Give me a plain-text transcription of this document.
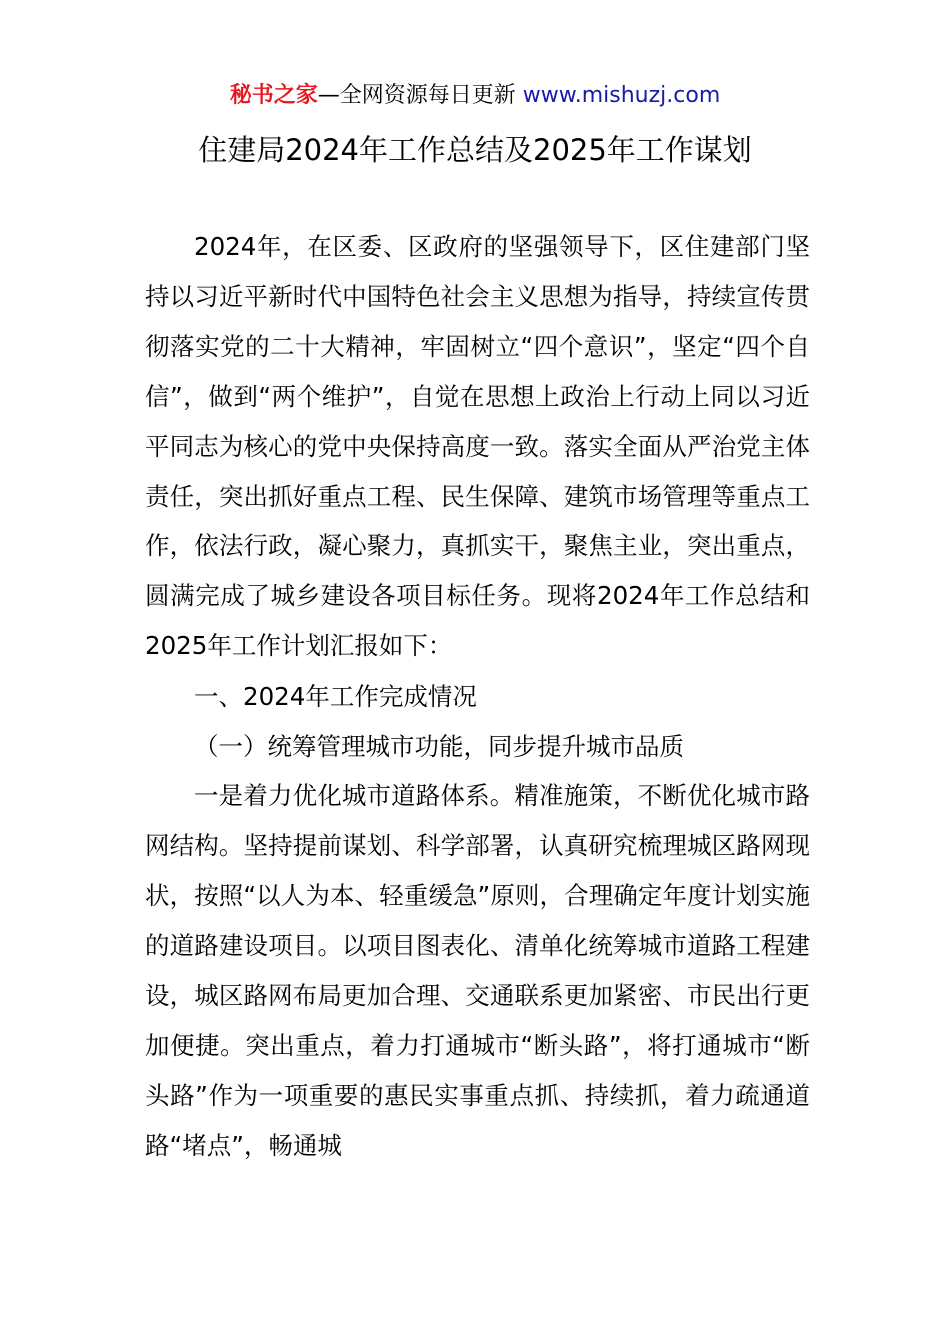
秘书之家—全网资源每日更新 www.mishuzj.com
住建局2024年工作总结及2025年工作谋划

2024年，在区委、区政府的坚强领导下，区住建部门坚持以习近平新时代中国特色社会主义思想为指导，持续宣传贯彻落实党的二十大精神，牢固树立“四个意识”，坚定“四个自信”，做到“两个维护”，自觉在思想上政治上行动上同以习近平同志为核心的党中央保持高度一致。落实全面从严治党主体责任，突出抓好重点工程、民生保障、建筑市场管理等重点工作，依法行政，凝心聚力，真抓实干，聚焦主业，突出重点，圆满完成了城乡建设各项目标任务。现将2024年工作总结和2025年工作计划汇报如下：

一、2024年工作完成情况

（一）统筹管理城市功能，同步提升城市品质

一是着力优化城市道路体系。精准施策，不断优化城市路网结构。坚持提前谋划、科学部署，认真研究梳理城区路网现状，按照“以人为本、轻重缓急”原则，合理确定年度计划实施的道路建设项目。以项目图表化、清单化统筹城市道路工程建设，城区路网布局更加合理、交通联系更加紧密、市民出行更加便捷。突出重点，着力打通城市“断头路”，将打通城市“断头路”作为一项重要的惠民实事重点抓、持续抓，着力疏通道路“堵点”，畅通城
